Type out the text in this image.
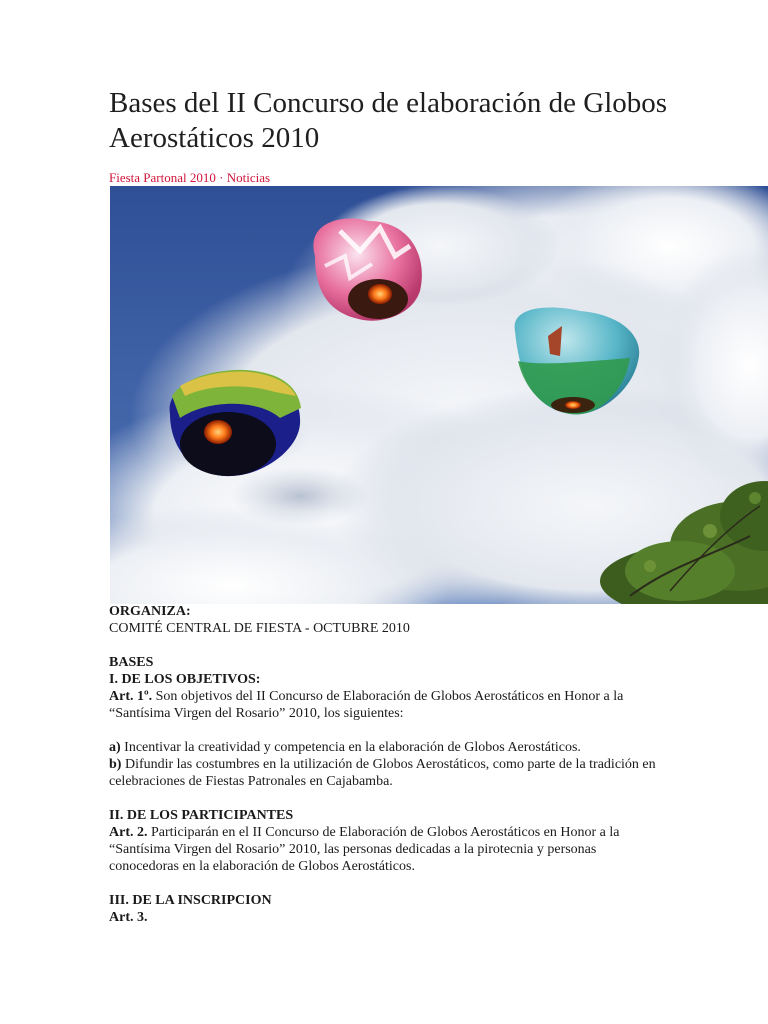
Bases del II Concurso de elaboración de Globos Aerostáticos 2010
Fiesta Partonal 2010 · Noticias

ORGANIZA:

COMITÉ CENTRAL DE FIESTA - OCTUBRE 2010

BASES

I. DE LOS OBJETIVOS:

Art. 1º. Son objetivos del II Concurso de Elaboración de Globos Aerostáticos en Honor a la “Santísima Virgen del Rosario” 2010, los siguientes:

a) Incentivar la creatividad y competencia en la elaboración de Globos Aerostáticos.

b) Difundir las costumbres en la utilización de Globos Aerostáticos, como parte de la tradición en celebraciones de Fiestas Patronales en Cajabamba.

II. DE LOS PARTICIPANTES

Art. 2. Participarán en el II Concurso de Elaboración de Globos Aerostáticos en Honor a la “Santísima Virgen del Rosario” 2010, las personas dedicadas a la pirotecnia y personas conocedoras en la elaboración de Globos Aerostáticos.

III. DE LA INSCRIPCION

Art. 3.
